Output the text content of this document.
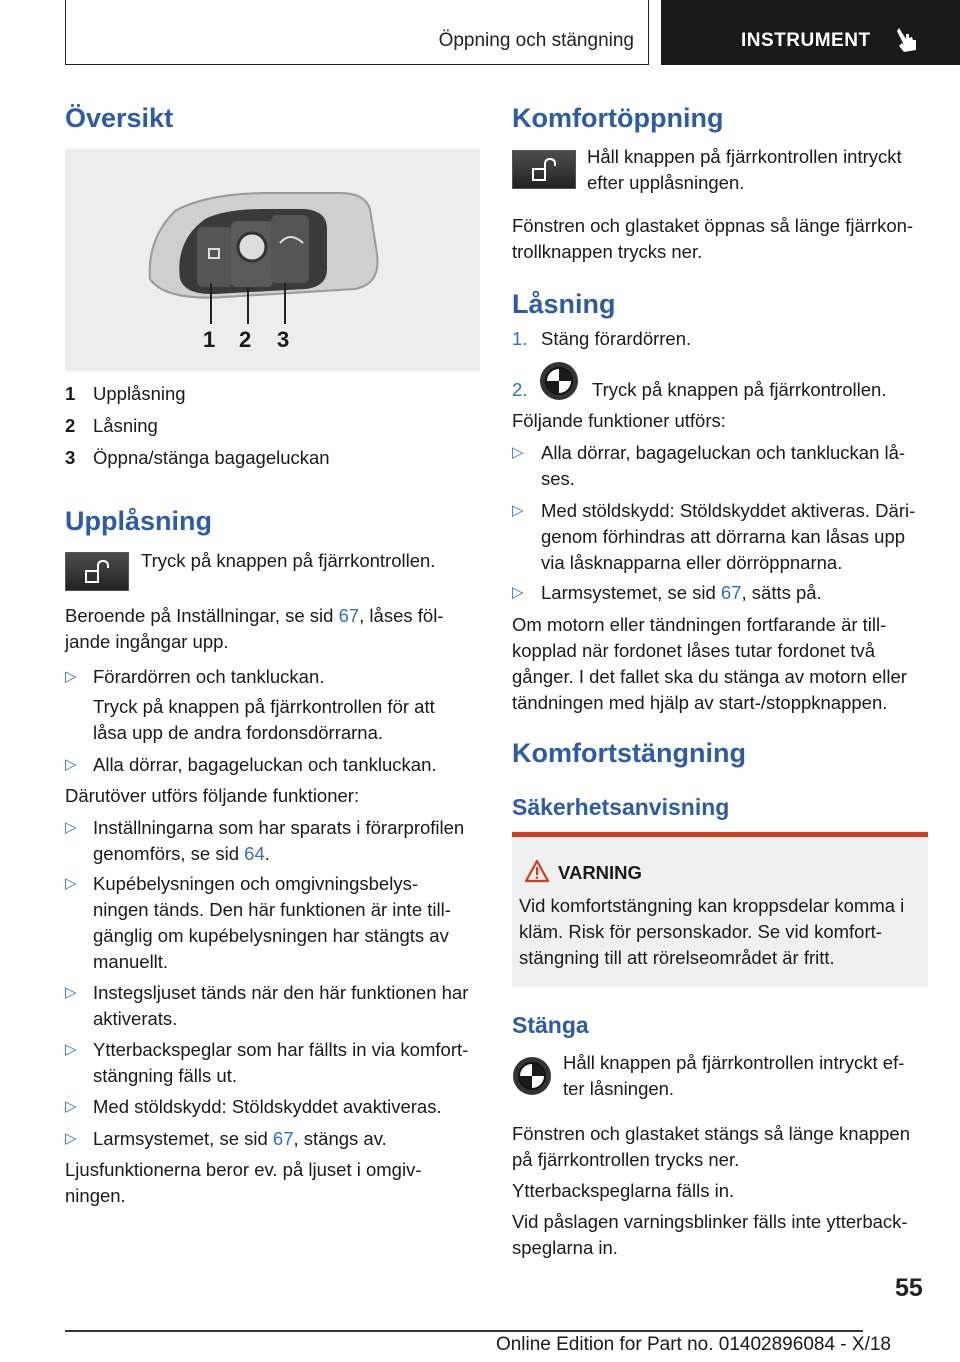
Öppning och stängning	INSTRUMENT
Översikt
1 2 3
1 Upplåsning
2 Låsning
3 Öppna/stänga bagageluckan
Upplåsning
Tryck på knappen på fjärrkontrollen.
Beroende på Inställningar, se sid 67, låses föl-
jande ingångar upp.
▷ Förardörren och tankluckan.
Tryck på knappen på fjärrkontrollen för att
låsa upp de andra fordonsdörrarna.
▷ Alla dörrar, bagageluckan och tankluckan.
Därutöver utförs följande funktioner:
▷ Inställningarna som har sparats i förarprofilen
genomförs, se sid 64.
▷ Kupébelysningen och omgivningsbelys-
ningen tänds. Den här funktionen är inte till-
gänglig om kupébelysningen har stängts av
manuellt.
▷ Instegsljuset tänds när den här funktionen har
aktiverats.
▷ Ytterbackspeglar som har fällts in via komfort-
stängning fälls ut.
▷ Med stöldskydd: Stöldskyddet avaktiveras.
▷ Larmsystemet, se sid 67, stängs av.
Ljusfunktionerna beror ev. på ljuset i omgiv-
ningen.
Komfortöppning
Håll knappen på fjärrkontrollen intryckt
efter upplåsningen.
Fönstren och glastaket öppnas så länge fjärrkon-
trollknappen trycks ner.
Låsning
1. Stäng förardörren.
2.	Tryck på knappen på fjärrkontrollen.
Följande funktioner utförs:
▷ Alla dörrar, bagageluckan och tankluckan lå-
ses.
▷ Med stöldskydd: Stöldskyddet aktiveras. Däri-
genom förhindras att dörrarna kan låsas upp
via låsknapparna eller dörröppnarna.
▷ Larmsystemet, se sid 67, sätts på.
Om motorn eller tändningen fortfarande är till-
kopplad när fordonet låses tutar fordonet två
gånger. I det fallet ska du stänga av motorn eller
tändningen med hjälp av start-/stoppknappen.
Komfortstängning
Säkerhetsanvisning
VARNING
Vid komfortstängning kan kroppsdelar komma i
kläm. Risk för personskador. Se vid komfort-
stängning till att rörelseområdet är fritt.
Stänga
Håll knappen på fjärrkontrollen intryckt ef-
ter låsningen.
Fönstren och glastaket stängs så länge knappen
på fjärrkontrollen trycks ner.
Ytterbackspeglarna fälls in.
Vid påslagen varningsblinker fälls inte ytterback-
speglarna in.
55
Online Edition for Part no. 01402896084 - X/18
